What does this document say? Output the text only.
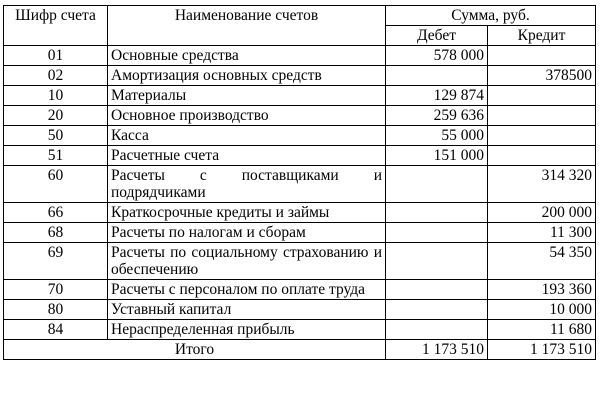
Шифр счета	Наименование счетов	Сумма, руб.	
		Дебет	Кредит
01	Основные средства	578 000	
02	Амортизация основных средств		378500
10	Материалы	129 874	
20	Основное производство	259 636	
50	Касса	55 000	
51	Расчетные счета	151 000	
60	Расчеты с поставщиками и подрядчиками		314 320
66	Краткосрочные кредиты и займы		200 000
68	Расчеты по налогам и сборам		11 300
69	Расчеты по социальному страхованию и обеспечению		54 350
70	Расчеты с персоналом по оплате труда		193 360
80	Уставный капитал		10 000
84	Нераспределенная прибыль		11 680
Итого		1 173 510	1 173 510
